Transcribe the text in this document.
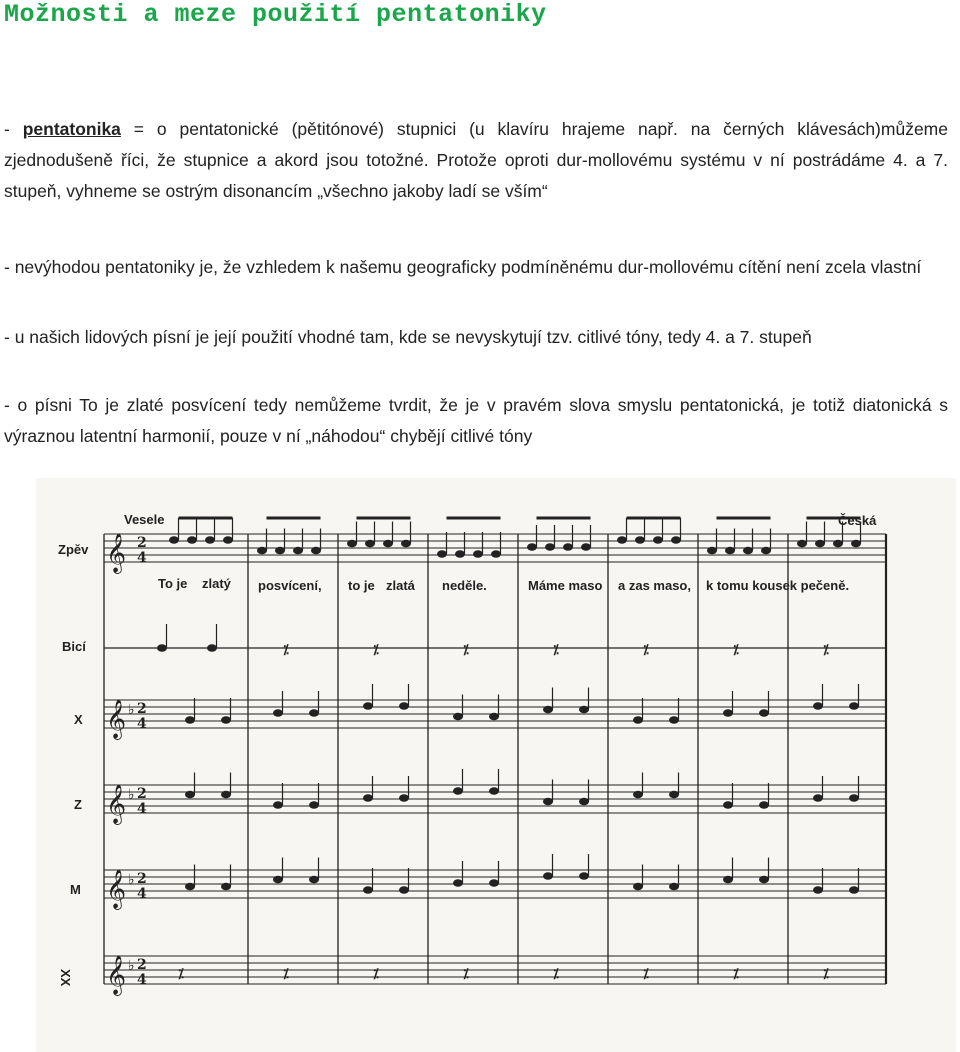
Možnosti a meze použití pentatoniky
- pentatonika = o pentatonické (pětitónové) stupnici (u klavíru hrajeme např. na černých klávesách)můžeme zjednodušeně říci, že stupnice a akord jsou totožné. Protože oproti dur-mollovému systému v ní postrádáme 4. a 7. stupeň, vyhneme se ostrým disonancím „všechno jakoby ladí se vším“
- nevýhodou pentatoniky je, že vzhledem k našemu geograficky podmíněnému dur-mollovému cítění není zcela vlastní
- u našich lidových písní je její použití vhodné tam, kde se nevyskytují tzv. citlivé tóny, tedy 4. a 7. stupeň
- o písni To je zlaté posvícení tedy nemůžeme tvrdit, že je v pravém slova smyslu pentatonická, je totiž diatonická s výraznou latentní harmonií, pouze v ní „náhodou“ chybějí citlivé tóny
Vesele	Česká
𝄞 2
4
⁒	⁒	⁒	⁒	⁒	⁒	⁒
𝄞 ♭ 2
4
𝄞 ♭ 2
4
𝄞 ♭ 2
4
𝄞 ♭ 2
4 ⁒	⁒	⁒	⁒	⁒	⁒	⁒	⁒
Zpěv
Bicí
X
Z
M
XX
To je zlatý posvícení, to je zlatá neděle.	Máme maso a zas maso, k tomu kousek pečeně.
